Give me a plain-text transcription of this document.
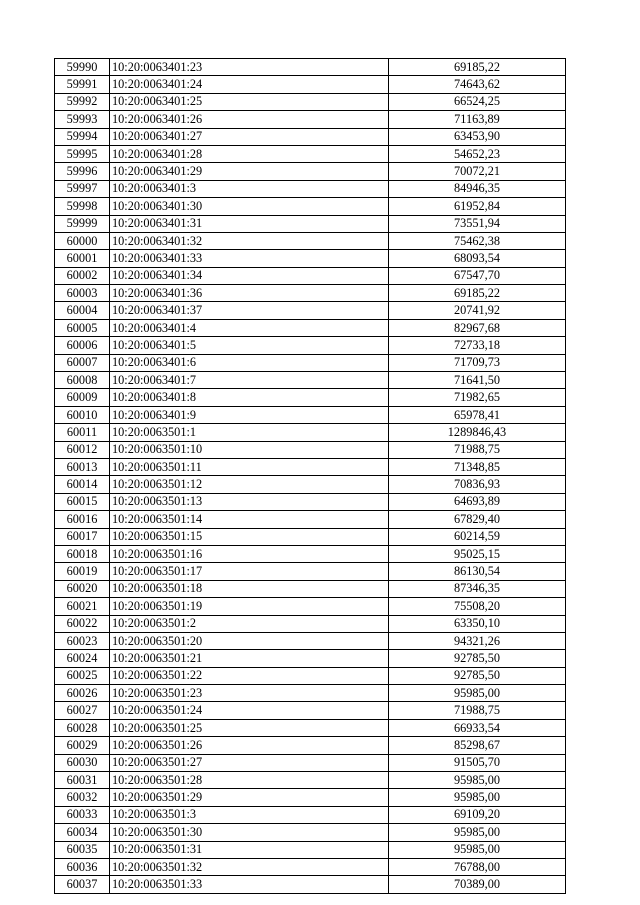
59990	10:20:0063401:23	69185,22
59991	10:20:0063401:24	74643,62
59992	10:20:0063401:25	66524,25
59993	10:20:0063401:26	71163,89
59994	10:20:0063401:27	63453,90
59995	10:20:0063401:28	54652,23
59996	10:20:0063401:29	70072,21
59997	10:20:0063401:3	84946,35
59998	10:20:0063401:30	61952,84
59999	10:20:0063401:31	73551,94
60000	10:20:0063401:32	75462,38
60001	10:20:0063401:33	68093,54
60002	10:20:0063401:34	67547,70
60003	10:20:0063401:36	69185,22
60004	10:20:0063401:37	20741,92
60005	10:20:0063401:4	82967,68
60006	10:20:0063401:5	72733,18
60007	10:20:0063401:6	71709,73
60008	10:20:0063401:7	71641,50
60009	10:20:0063401:8	71982,65
60010	10:20:0063401:9	65978,41
60011	10:20:0063501:1	1289846,43
60012	10:20:0063501:10	71988,75
60013	10:20:0063501:11	71348,85
60014	10:20:0063501:12	70836,93
60015	10:20:0063501:13	64693,89
60016	10:20:0063501:14	67829,40
60017	10:20:0063501:15	60214,59
60018	10:20:0063501:16	95025,15
60019	10:20:0063501:17	86130,54
60020	10:20:0063501:18	87346,35
60021	10:20:0063501:19	75508,20
60022	10:20:0063501:2	63350,10
60023	10:20:0063501:20	94321,26
60024	10:20:0063501:21	92785,50
60025	10:20:0063501:22	92785,50
60026	10:20:0063501:23	95985,00
60027	10:20:0063501:24	71988,75
60028	10:20:0063501:25	66933,54
60029	10:20:0063501:26	85298,67
60030	10:20:0063501:27	91505,70
60031	10:20:0063501:28	95985,00
60032	10:20:0063501:29	95985,00
60033	10:20:0063501:3	69109,20
60034	10:20:0063501:30	95985,00
60035	10:20:0063501:31	95985,00
60036	10:20:0063501:32	76788,00
60037	10:20:0063501:33	70389,00
